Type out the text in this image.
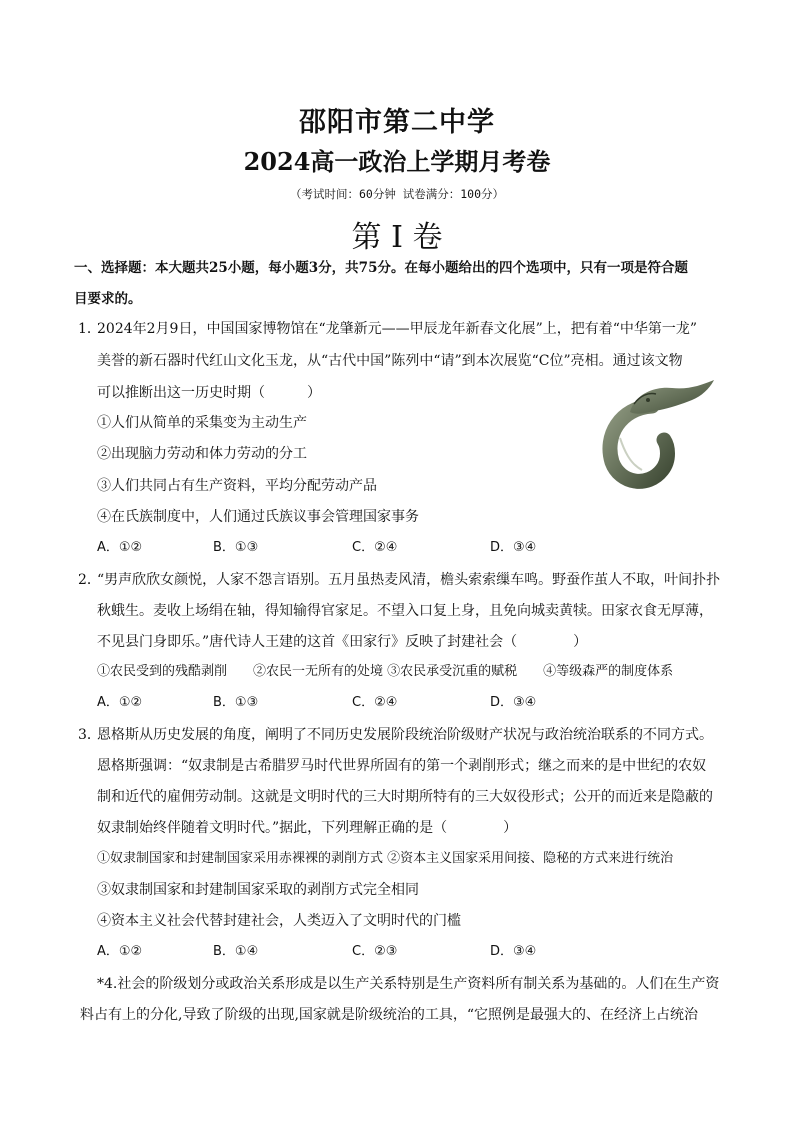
邵阳市第二中学
2024高一政治上学期月考卷
（考试时间：60分钟 试卷满分：100分）
第 I 卷
一、选择题：本大题共25小题，每小题3分，共75分。在每小题给出的四个选项中，只有一项是符合题
目要求的。
1．
2024年2月9日，中国国家博物馆在“龙肇新元——甲辰龙年新春文化展”上，把有着“中华第一龙”
美誉的新石器时代红山文化玉龙，从“古代中国”陈列中“请”到本次展览“C位”亮相。通过该文物
可以推断出这一历史时期（　　　）
①人们从简单的采集变为主动生产
②出现脑力劳动和体力劳动的分工
③人们共同占有生产资料，平均分配劳动产品
④在氏族制度中，人们通过氏族议事会管理国家事务
A．①②	B．①③	C．②④	D．③④
2．
“男声欣欣女颜悦，人家不怨言语别。五月虽热麦风清，檐头索索缫车鸣。野蚕作茧人不取，叶间扑扑
秋蛾生。麦收上场绢在轴，得知输得官家足。不望入口复上身，且免向城卖黄犊。田家衣食无厚薄，
不见县门身即乐。”唐代诗人王建的这首《田家行》反映了封建社会（　　　　）
①农民受到的残酷剥削　　②农民一无所有的处境 ③农民承受沉重的赋税　　④等级森严的制度体系
A．①②	B．①③	C．②④	D．③④
3．
恩格斯从历史发展的角度，阐明了不同历史发展阶段统治阶级财产状况与政治统治联系的不同方式。
恩格斯强调：“奴隶制是古希腊罗马时代世界所固有的第一个剥削形式；继之而来的是中世纪的农奴
制和近代的雇佣劳动制。这就是文明时代的三大时期所特有的三大奴役形式；公开的而近来是隐蔽的
奴隶制始终伴随着文明时代。”据此，下列理解正确的是（　　　　）
①奴隶制国家和封建制国家采用赤裸裸的剥削方式 ②资本主义国家采用间接、隐秘的方式来进行统治
③奴隶制国家和封建制国家采取的剥削方式完全相同
④资本主义社会代替封建社会，人类迈入了文明时代的门槛
A．①②	B．①④	C．②③	D．③④
*4.社会的阶级划分或政治关系形成是以生产关系特别是生产资料所有制关系为基础的。人们在生产资
料占有上的分化,导致了阶级的出现,国家就是阶级统治的工具，“它照例是最强大的、在经济上占统治
